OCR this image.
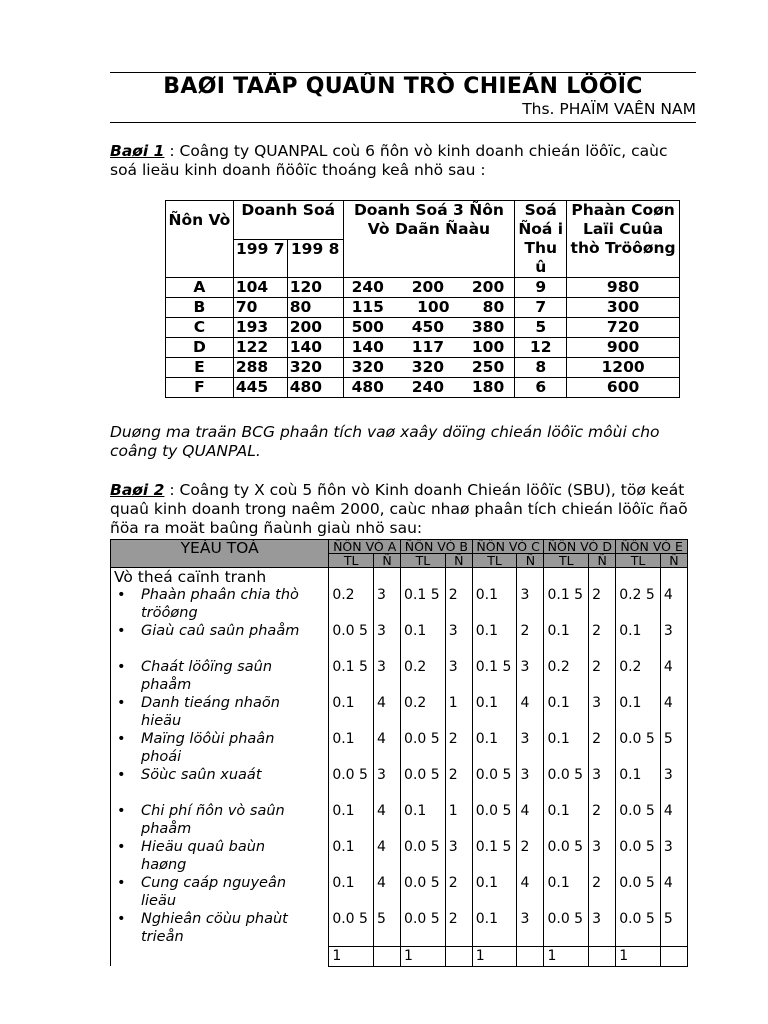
BAØI TAÄP QUAÛN TRÒ CHIEÁN LÖÔÏC
Ths. PHAÏM VAÊN NAM
Baøi 1 : Coâng ty QUANPAL coù 6 ñôn vò kinh doanh chieán löôïc, caùc soá lieäu kinh doanh ñöôïc thoáng keâ nhö sau :
Ñôn Vò	Doanh Soá		Doanh Soá 3 Ñôn Vò Daãn Ñaàu	Soá Ñoá i Thu û	Phaàn Coøn Laïi Cuûa thò Tröôøng
	199 7	199 8			
A	104	120	240 200 200	9	980
B	70	80	115 100 80	7	300
C	193	200	500 450 380	5	720
D	122	140	140 117 100	12	900
E	288	320	320 320 250	8	1200
F	445	480	480 240 180	6	600
Duøng ma traän BCG phaân tích vaø xaây döïng chieán löôïc môùi cho coâng ty QUANPAL.
Baøi 2 : Coâng ty X coù 5 ñôn vò Kinh doanh Chieán löôïc (SBU), töø keát quaû kinh doanh trong naêm 2000, caùc nhaø phaân tích chieán löôïc ñaõ ñöa ra moät baûng ñaùnh giaù nhö sau:
YEÁU TOÁ	ÑÔN VÒ A		ÑÔN VÒ B		ÑÔN VÒ C		ÑÔN VÒ D		ÑÔN VÒ E	
	TL	Ñ	TL	Ñ	TL	Ñ	TL	Ñ	TL	Ñ
Vò theá caïnh tranh										
• Phaàn phaân chia thò tröôøng	0.2	3	0.1 5	2	0.1	3	0.1 5	2	0.2 5	4
• Giaù caû saûn phaåm	0.0 5	3	0.1	3	0.1	2	0.1	2	0.1	3
• Chaát löôïng saûn phaåm	0.1 5	3	0.2	3	0.1 5	3	0.2	2	0.2	4
• Danh tieáng nhaõn hieäu	0.1	4	0.2	1	0.1	4	0.1	3	0.1	4
• Maïng löôùi phaân phoái	0.1	4	0.0 5	2	0.1	3	0.1	2	0.0 5	5
• Söùc saûn xuaát	0.0 5	3	0.0 5	2	0.0 5	3	0.0 5	3	0.1	3
• Chi phí ñôn vò saûn phaåm	0.1	4	0.1	1	0.0 5	4	0.1	2	0.0 5	4
• Hieäu quaû baùn haøng	0.1	4	0.0 5	3	0.1 5	2	0.0 5	3	0.0 5	3
• Cung caáp nguyeân lieäu	0.1	4	0.0 5	2	0.1	4	0.1	2	0.0 5	4
• Nghieân cöùu phaùt trieån	0.0 5	5	0.0 5	2	0.1	3	0.0 5	3	0.0 5	5
	1		1		1		1		1	
